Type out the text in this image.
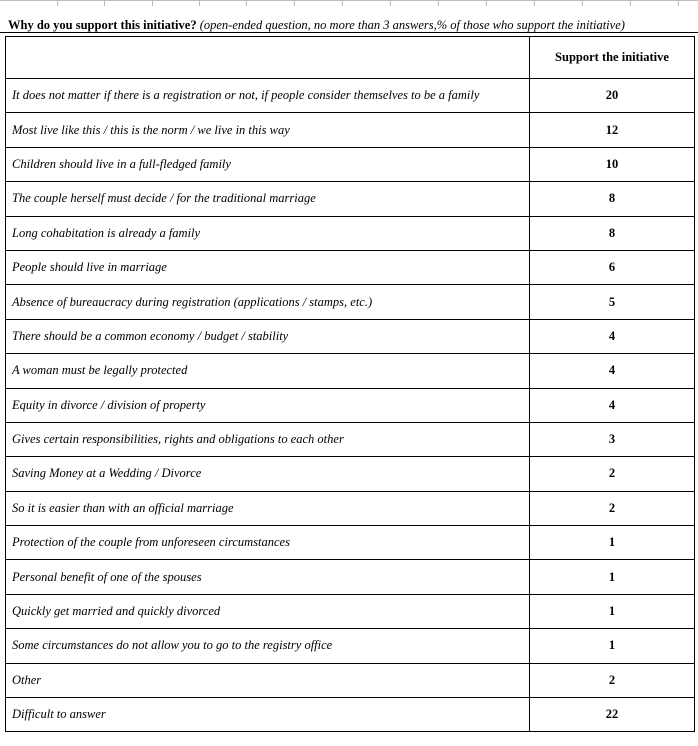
Why do you support this initiative? (open-ended question, no more than 3 answers,% of those who support the initiative)
	Support the initiative
It does not matter if there is a registration or not, if people consider themselves to be a family	20
Most live like this / this is the norm / we live in this way	12
Children should live in a full-fledged family	10
The couple herself must decide / for the traditional marriage	8
Long cohabitation is already a family	8
People should live in marriage	6
Absence of bureaucracy during registration (applications / stamps, etc.)	5
There should be a common economy / budget / stability	4
A woman must be legally protected	4
Equity in divorce / division of property	4
Gives certain responsibilities, rights and obligations to each other	3
Saving Money at a Wedding / Divorce	2
So it is easier than with an official marriage	2
Protection of the couple from unforeseen circumstances	1
Personal benefit of one of the spouses	1
Quickly get married and quickly divorced	1
Some circumstances do not allow you to go to the registry office	1
Other	2
Difficult to answer	22
